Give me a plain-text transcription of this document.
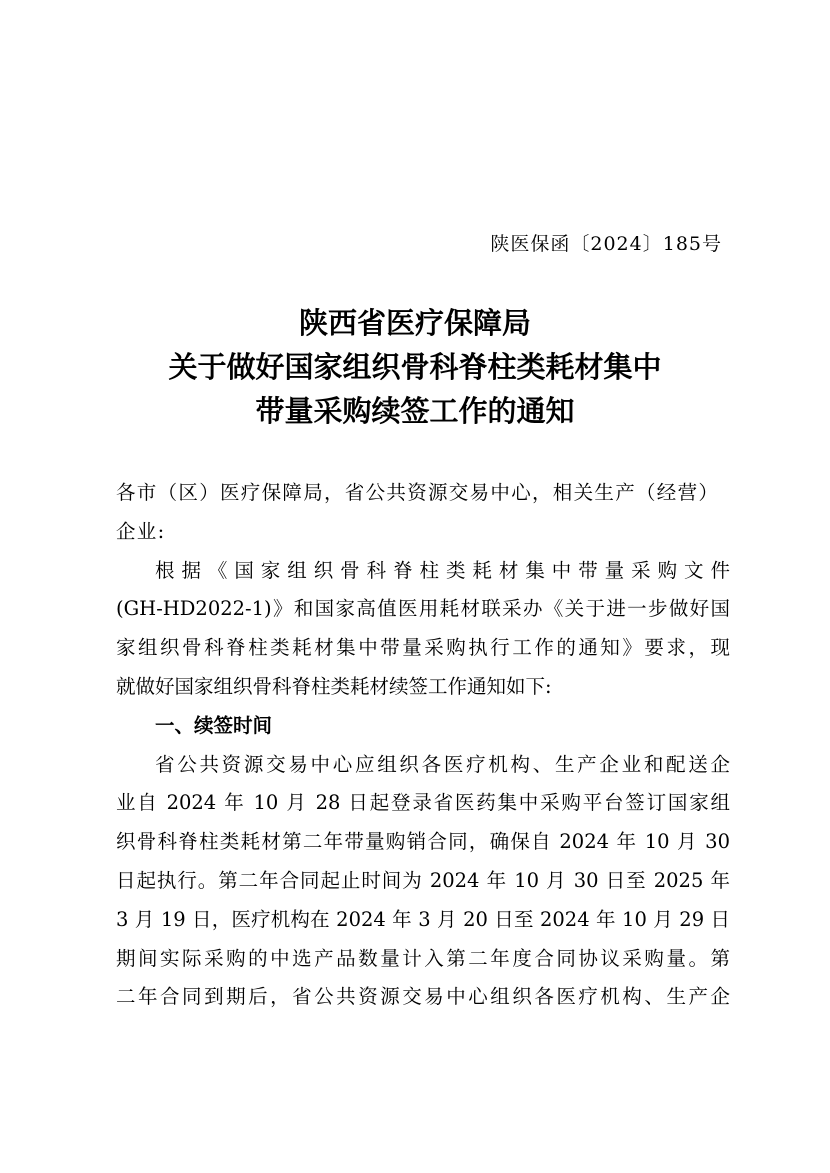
陕医保函〔2024〕185号
陕西省医疗保障局
关于做好国家组织骨科脊柱类耗材集中
带量采购续签工作的通知
各市（区）医疗保障局，省公共资源交易中心，相关生产（经营）
企业:
根据《国家组织骨科脊柱类耗材集中带量采购文件
(GH-HD2022-1)》和国家高值医用耗材联采办《关于进一步做好国
家组织骨科脊柱类耗材集中带量采购执行工作的通知》要求，现
就做好国家组织骨科脊柱类耗材续签工作通知如下:
一、续签时间
省公共资源交易中心应组织各医疗机构、生产企业和配送企
业自 2024 年 10 月 28 日起登录省医药集中采购平台签订国家组
织骨科脊柱类耗材第二年带量购销合同，确保自 2024 年 10 月 30
日起执行。第二年合同起止时间为 2024 年 10 月 30 日至 2025 年
3 月 19 日，医疗机构在 2024 年 3 月 20 日至 2024 年 10 月 29 日
期间实际采购的中选产品数量计入第二年度合同协议采购量。第
二年合同到期后，省公共资源交易中心组织各医疗机构、生产企
